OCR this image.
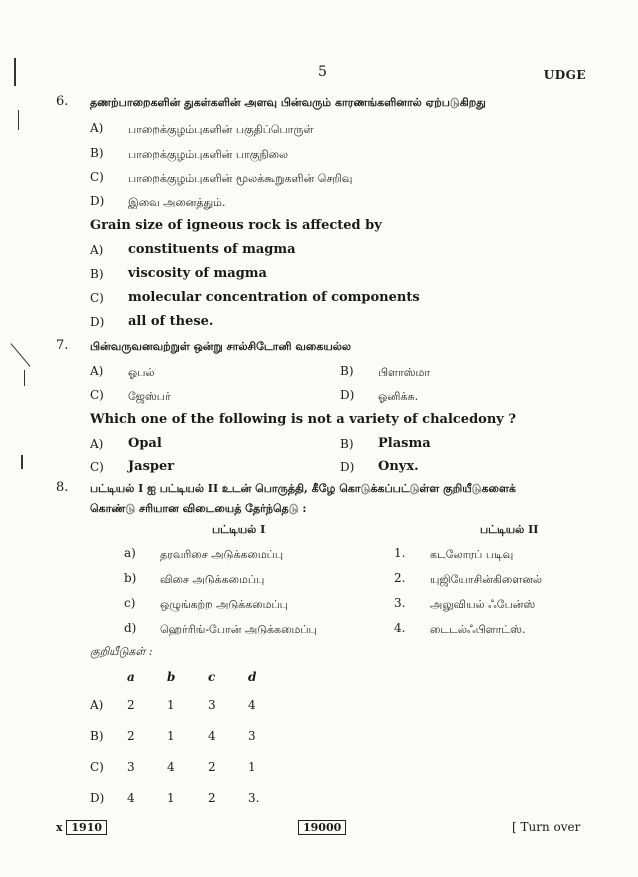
5	UDGE
6. தணற்பாறைகளின் துகள்களின் அளவு பின்வரும் காரணங்களினால் ஏற்படுகிறது
A) பாறைக்குழம்புகளின் பகுதிப்பொருள்
B) பாறைக்குழம்புகளின் பாகுநிலை
C) பாறைக்குழம்புகளின் மூலக்கூறுகளின் செறிவு
D) இவை அனைத்தும்.
Grain size of igneous rock is affected by
A) constituents of magma
B) viscosity of magma
C) molecular concentration of components
D) all of these.
7. பின்வருவனவற்றுள் ஒன்று சால்சிடோனி வகையல்ல
A) ஓபல்	B) பிளாஸ்மா
C) ஜேஸ்பர்	D) ஓனிக்சு.
Which one of the following is not a variety of chalcedony ?
A) Opal	B) Plasma
C) Jasper	D) Onyx.
8. பட்டியல் I ஐ பட்டியல் II உடன் பொருத்தி, கீழே கொடுக்கப்பட்டுள்ள குறியீடுகளைக்
கொண்டு சரியான விடையைத் தேர்ந்தெடு :
பட்டியல் I	பட்டியல் II
a) தரவரிசை அடுக்கமைப்பு	1. கடலோரப் படிவு
b) விசை அடுக்கமைப்பு	2. யுஜியோசின்கிளைனல்
c) ஒழுங்கற்ற அடுக்கமைப்பு	3. அலுவியல் ஃபேன்ஸ்
d) ஹெர்ரிங்-போன் அடுக்கமைப்பு	4. டைடல்ஃபிளாட்ஸ்.
குறியீடுகள் :
a	b	c	d
A) 2	1	3	4
B) 2	1	4	3
C) 3	4	2	1
D) 4	1	2	3.
x 1910	19000	[ Turn over
